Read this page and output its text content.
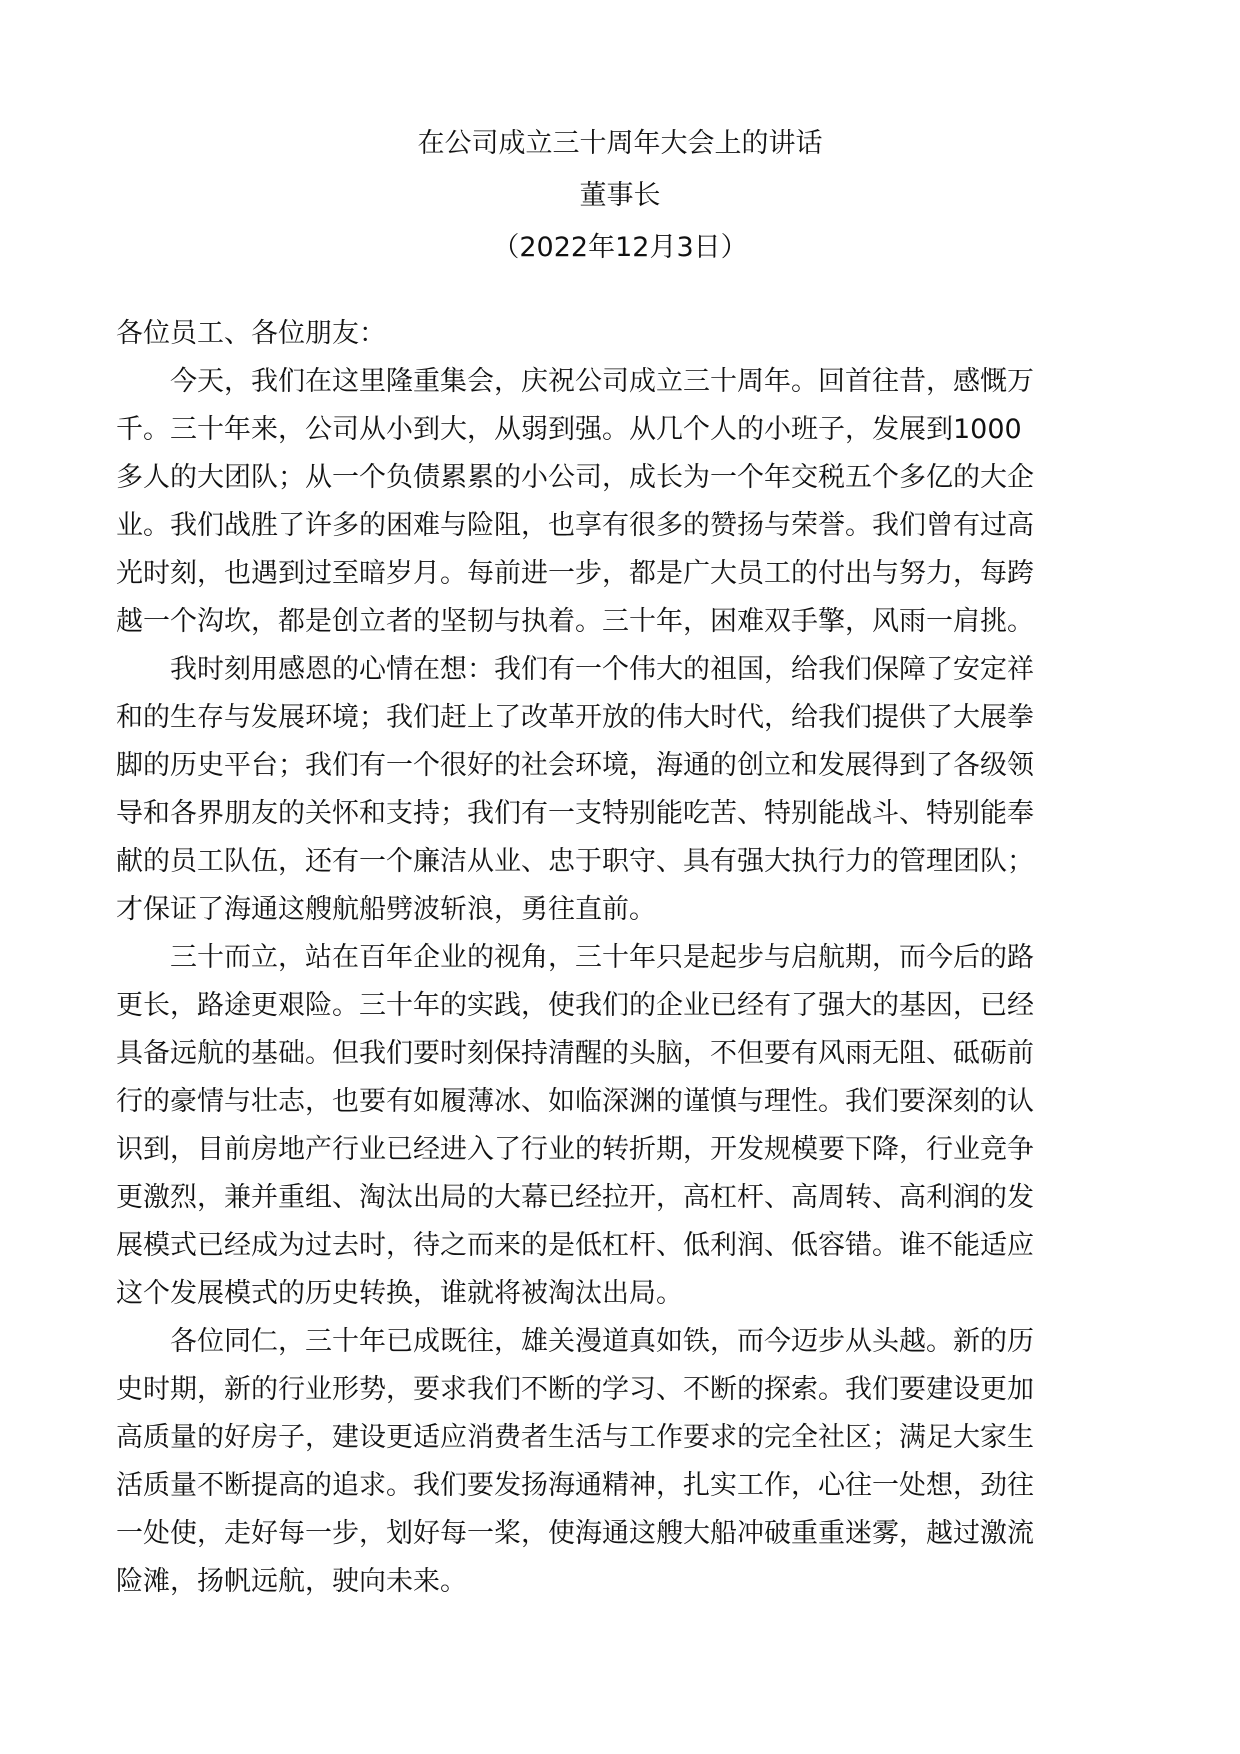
在公司成立三十周年大会上的讲话
董事长
（2022年12月3日）

各位员工、各位朋友：

今天，我们在这里隆重集会，庆祝公司成立三十周年。回首往昔，感慨万
千。三十年来，公司从小到大，从弱到强。从几个人的小班子，发展到1000
多人的大团队；从一个负债累累的小公司，成长为一个年交税五个多亿的大企
业。我们战胜了许多的困难与险阻，也享有很多的赞扬与荣誉。我们曾有过高
光时刻，也遇到过至暗岁月。每前进一步，都是广大员工的付出与努力，每跨
越一个沟坎，都是创立者的坚韧与执着。三十年，困难双手擎，风雨一肩挑。

我时刻用感恩的心情在想：我们有一个伟大的祖国，给我们保障了安定祥
和的生存与发展环境；我们赶上了改革开放的伟大时代，给我们提供了大展拳
脚的历史平台；我们有一个很好的社会环境，海通的创立和发展得到了各级领
导和各界朋友的关怀和支持；我们有一支特别能吃苦、特别能战斗、特别能奉
献的员工队伍，还有一个廉洁从业、忠于职守、具有强大执行力的管理团队；
才保证了海通这艘航船劈波斩浪，勇往直前。

三十而立，站在百年企业的视角，三十年只是起步与启航期，而今后的路
更长，路途更艰险。三十年的实践，使我们的企业已经有了强大的基因，已经
具备远航的基础。但我们要时刻保持清醒的头脑，不但要有风雨无阻、砥砺前
行的豪情与壮志，也要有如履薄冰、如临深渊的谨慎与理性。我们要深刻的认
识到，目前房地产行业已经进入了行业的转折期，开发规模要下降，行业竞争
更激烈，兼并重组、淘汰出局的大幕已经拉开，高杠杆、高周转、高利润的发
展模式已经成为过去时，待之而来的是低杠杆、低利润、低容错。谁不能适应
这个发展模式的历史转换，谁就将被淘汰出局。

各位同仁，三十年已成既往，雄关漫道真如铁，而今迈步从头越。新的历
史时期，新的行业形势，要求我们不断的学习、不断的探索。我们要建设更加
高质量的好房子，建设更适应消费者生活与工作要求的完全社区；满足大家生
活质量不断提高的追求。我们要发扬海通精神，扎实工作，心往一处想，劲往
一处使，走好每一步，划好每一桨，使海通这艘大船冲破重重迷雾，越过激流
险滩，扬帆远航，驶向未来。
